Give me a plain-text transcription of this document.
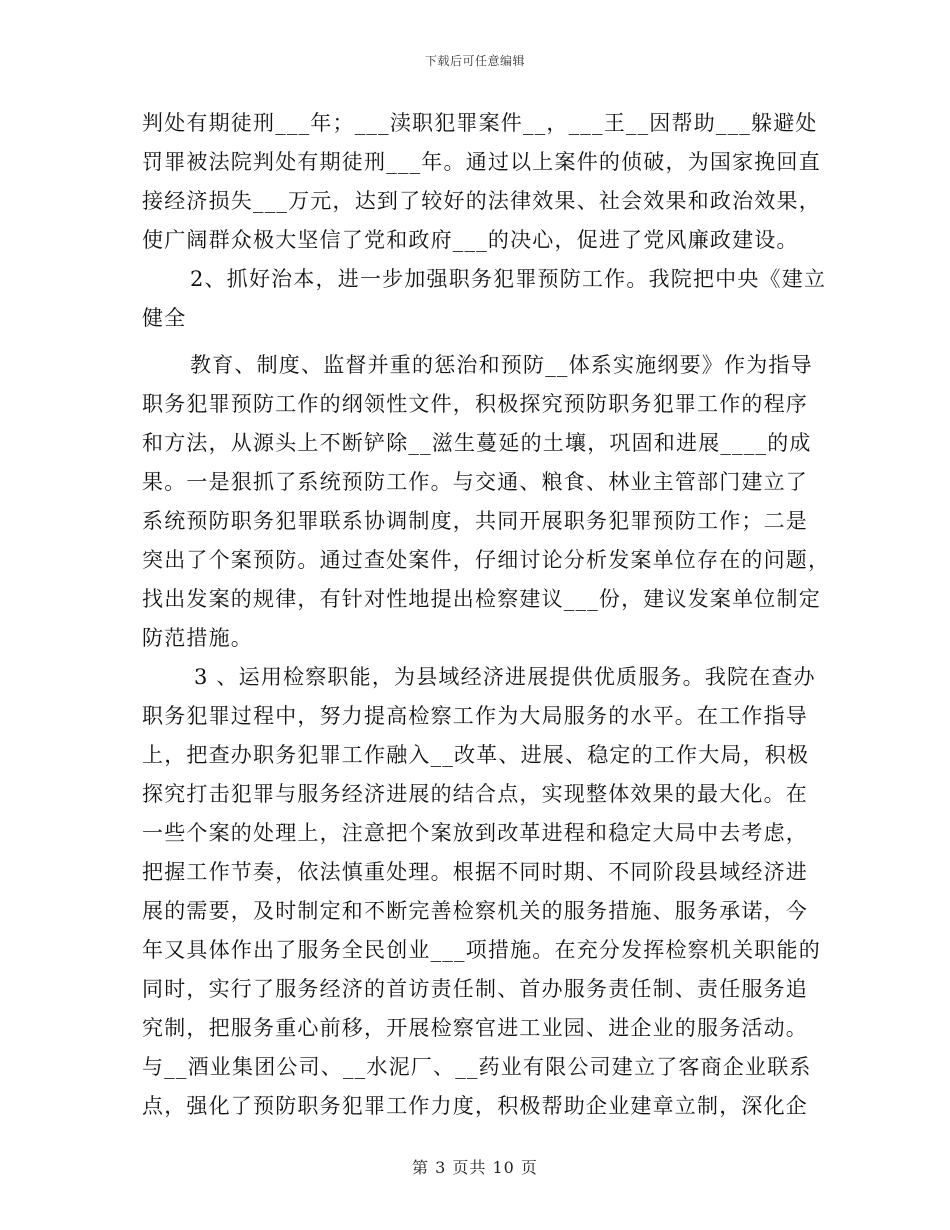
下载后可任意编辑
判处有期徒刑___年；___渎职犯罪案件__，___王__因帮助___躲避处
罚罪被法院判处有期徒刑___年。通过以上案件的侦破，为国家挽回直
接经济损失___万元，达到了较好的法律效果、社会效果和政治效果，
使广阔群众极大坚信了党和政府___的决心，促进了党风廉政建设。
2、抓好治本，进一步加强职务犯罪预防工作。我院把中央《建立
健全
教育、制度、监督并重的惩治和预防__体系实施纲要》作为指导
职务犯罪预防工作的纲领性文件，积极探究预防职务犯罪工作的程序
和方法，从源头上不断铲除__滋生蔓延的土壤，巩固和进展____的成
果。一是狠抓了系统预防工作。与交通、粮食、林业主管部门建立了
系统预防职务犯罪联系协调制度，共同开展职务犯罪预防工作；二是
突出了个案预防。通过查处案件，仔细讨论分析发案单位存在的问题，
找出发案的规律，有针对性地提出检察建议___份，建议发案单位制定
防范措施。
3 、运用检察职能，为县域经济进展提供优质服务。我院在查办
职务犯罪过程中，努力提高检察工作为大局服务的水平。在工作指导
上，把查办职务犯罪工作融入__改革、进展、稳定的工作大局，积极
探究打击犯罪与服务经济进展的结合点，实现整体效果的最大化。在
一些个案的处理上，注意把个案放到改革进程和稳定大局中去考虑，
把握工作节奏，依法慎重处理。根据不同时期、不同阶段县域经济进
展的需要，及时制定和不断完善检察机关的服务措施、服务承诺，今
年又具体作出了服务全民创业___项措施。在充分发挥检察机关职能的
同时，实行了服务经济的首访责任制、首办服务责任制、责任服务追
究制，把服务重心前移，开展检察官进工业园、进企业的服务活动。
与__酒业集团公司、__水泥厂、__药业有限公司建立了客商企业联系
点，强化了预防职务犯罪工作力度，积极帮助企业建章立制，深化企
第 3 页共 10 页
